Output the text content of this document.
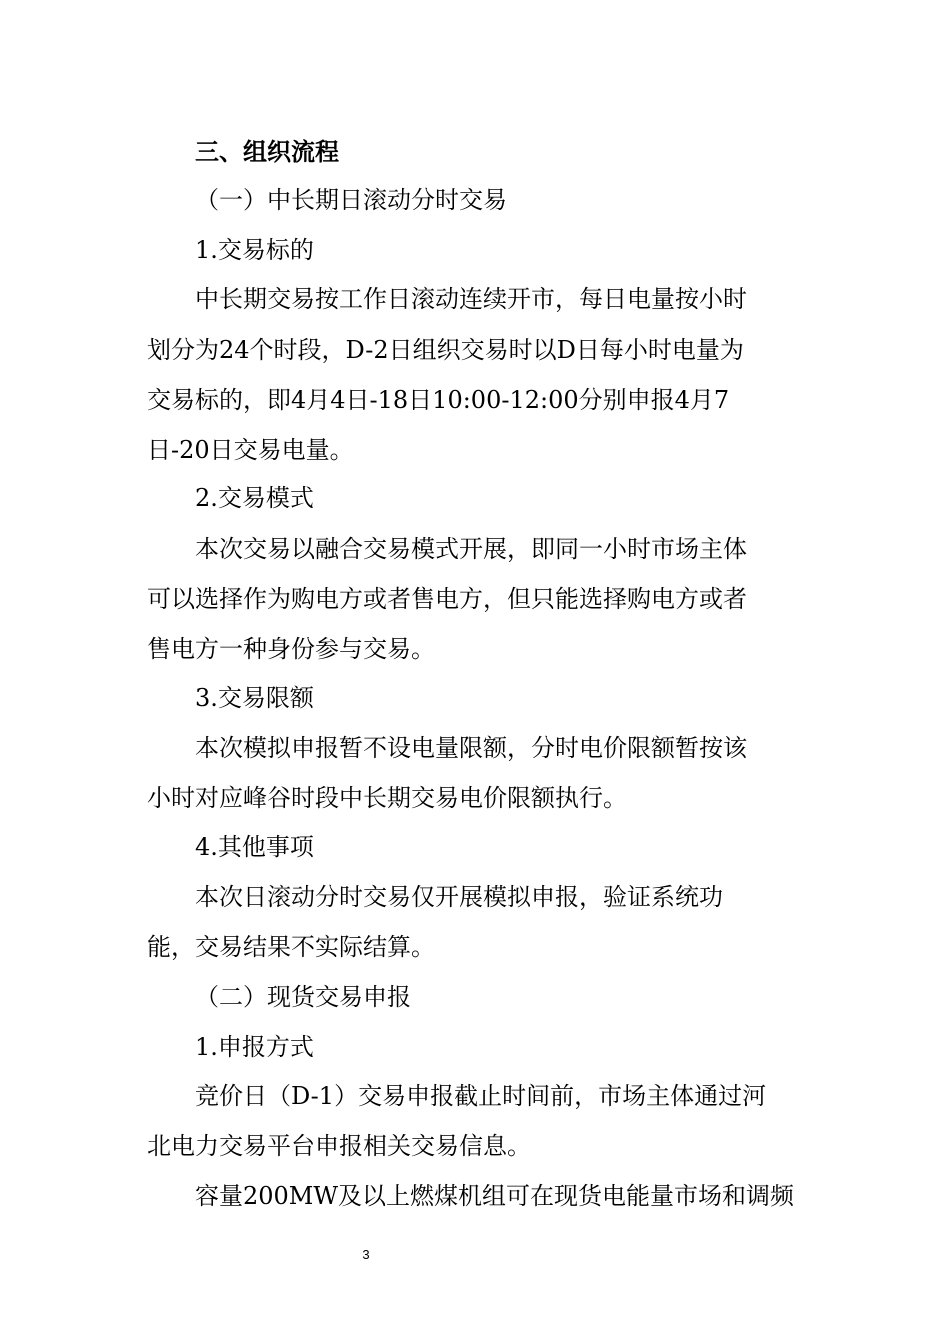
三、组织流程
（一）中长期日滚动分时交易
1.交易标的
中长期交易按工作日滚动连续开市，每日电量按小时
划分为24个时段，D-2日组织交易时以D日每小时电量为
交易标的，即4月4日-18日10:00-12:00分别申报4月7
日-20日交易电量。
2.交易模式
本次交易以融合交易模式开展，即同一小时市场主体
可以选择作为购电方或者售电方，但只能选择购电方或者
售电方一种身份参与交易。
3.交易限额
本次模拟申报暂不设电量限额，分时电价限额暂按该
小时对应峰谷时段中长期交易电价限额执行。
4.其他事项
本次日滚动分时交易仅开展模拟申报，验证系统功
能，交易结果不实际结算。
（二）现货交易申报
1.申报方式
竞价日（D-1）交易申报截止时间前，市场主体通过河
北电力交易平台申报相关交易信息。
容量200MW及以上燃煤机组可在现货电能量市场和调频
3
